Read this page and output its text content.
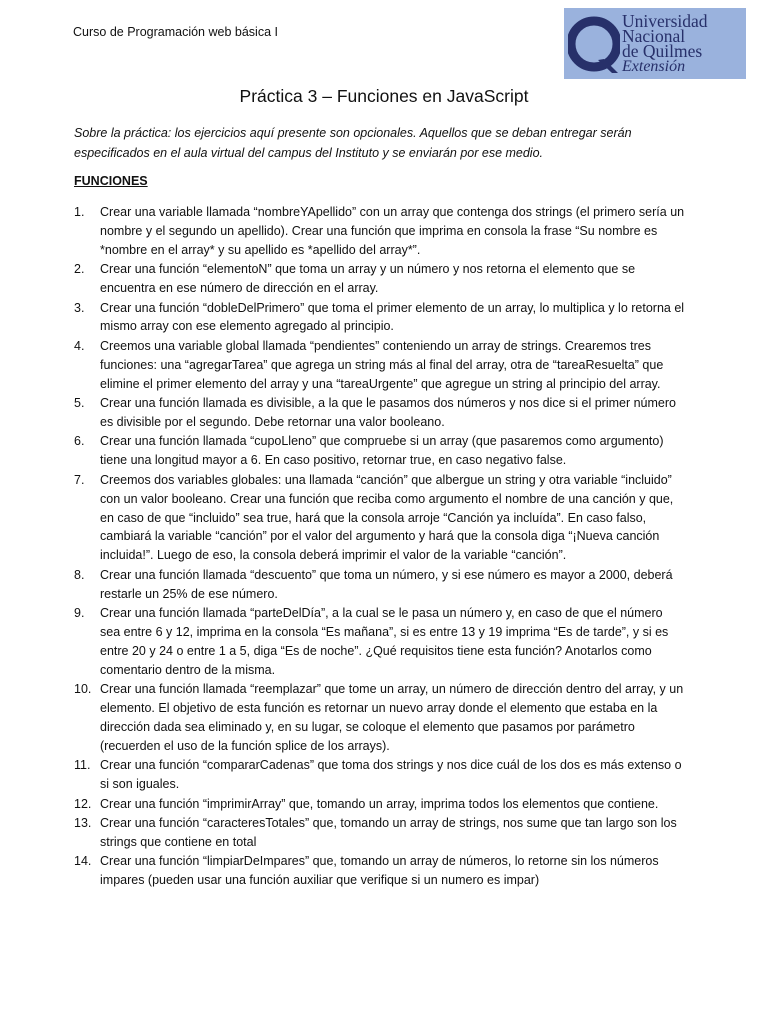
Curso de Programación web básica I
Universidad
Nacional
de Quilmes
Extensión
Práctica 3 – Funciones en JavaScript
Sobre la práctica: los ejercicios aquí presente son opcionales. Aquellos que se deban entregar serán especificados en el aula virtual del campus del Instituto y se enviarán por ese medio.
FUNCIONES
1.	Crear una variable llamada “nombreYApellido” con un array que contenga dos strings (el primero sería un nombre y el segundo un apellido). Crear una función que imprima en consola la frase “Su nombre es *nombre en el array* y su apellido es *apellido del array*”.
2.	Crear una función “elementoN” que toma un array y un número y nos retorna el elemento que se encuentra en ese número de dirección en el array.
3.	Crear una función “dobleDelPrimero” que toma el primer elemento de un array, lo multiplica y lo retorna el mismo array con ese elemento agregado al principio.
4.	Creemos una variable global llamada “pendientes” conteniendo un array de strings. Crearemos tres funciones: una “agregarTarea” que agrega un string más al final del array, otra de “tareaResuelta” que elimine el primer elemento del array y una “tareaUrgente” que agregue un string al principio del array.
5.	Crear una función llamada es divisible, a la que le pasamos dos números y nos dice si el primer número es divisible por el segundo. Debe retornar una valor booleano.
6.	Crear una función llamada “cupoLleno” que compruebe si un array (que pasaremos como argumento) tiene una longitud mayor a 6. En caso positivo, retornar true, en caso negativo false.
7.	Creemos dos variables globales: una llamada “canción” que albergue un string y otra variable “incluido” con un valor booleano. Crear una función que reciba como argumento el nombre de una canción y que, en caso de que “incluido” sea true, hará que la consola arroje “Canción ya incluída”. En caso falso, cambiará la variable “canción” por el valor del argumento y hará que la consola diga “¡Nueva canción incluida!”. Luego de eso, la consola deberá imprimir el valor de la variable “canción”.
8.	Crear una función llamada “descuento” que toma un número, y si ese número es mayor a 2000, deberá restarle un 25% de ese número.
9.	Crear una función llamada “parteDelDía”, a la cual se le pasa un número y, en caso de que el número sea entre 6 y 12, imprima en la consola “Es mañana”, si es entre 13 y 19 imprima “Es de tarde”, y si es entre 20 y 24 o entre 1 a 5, diga “Es de noche”. ¿Qué requisitos tiene esta función? Anotarlos como comentario dentro de la misma.
10. Crear una función llamada “reemplazar” que tome un array, un número de dirección dentro del array, y un elemento. El objetivo de esta función es retornar un nuevo array donde el elemento que estaba en la dirección dada sea eliminado y, en su lugar, se coloque el elemento que pasamos por parámetro (recuerden el uso de la función splice de los arrays).
11. Crear una función “compararCadenas” que toma dos strings y nos dice cuál de los dos es más extenso o si son iguales.
12. Crear una función “imprimirArray” que, tomando un array, imprima todos los elementos que contiene.
13. Crear una función “caracteresTotales” que, tomando un array de strings, nos sume que tan largo son los strings que contiene en total
14. Crear una función “limpiarDeImpares” que, tomando un array de números, lo retorne sin los números impares (pueden usar una función auxiliar que verifique si un numero es impar)
